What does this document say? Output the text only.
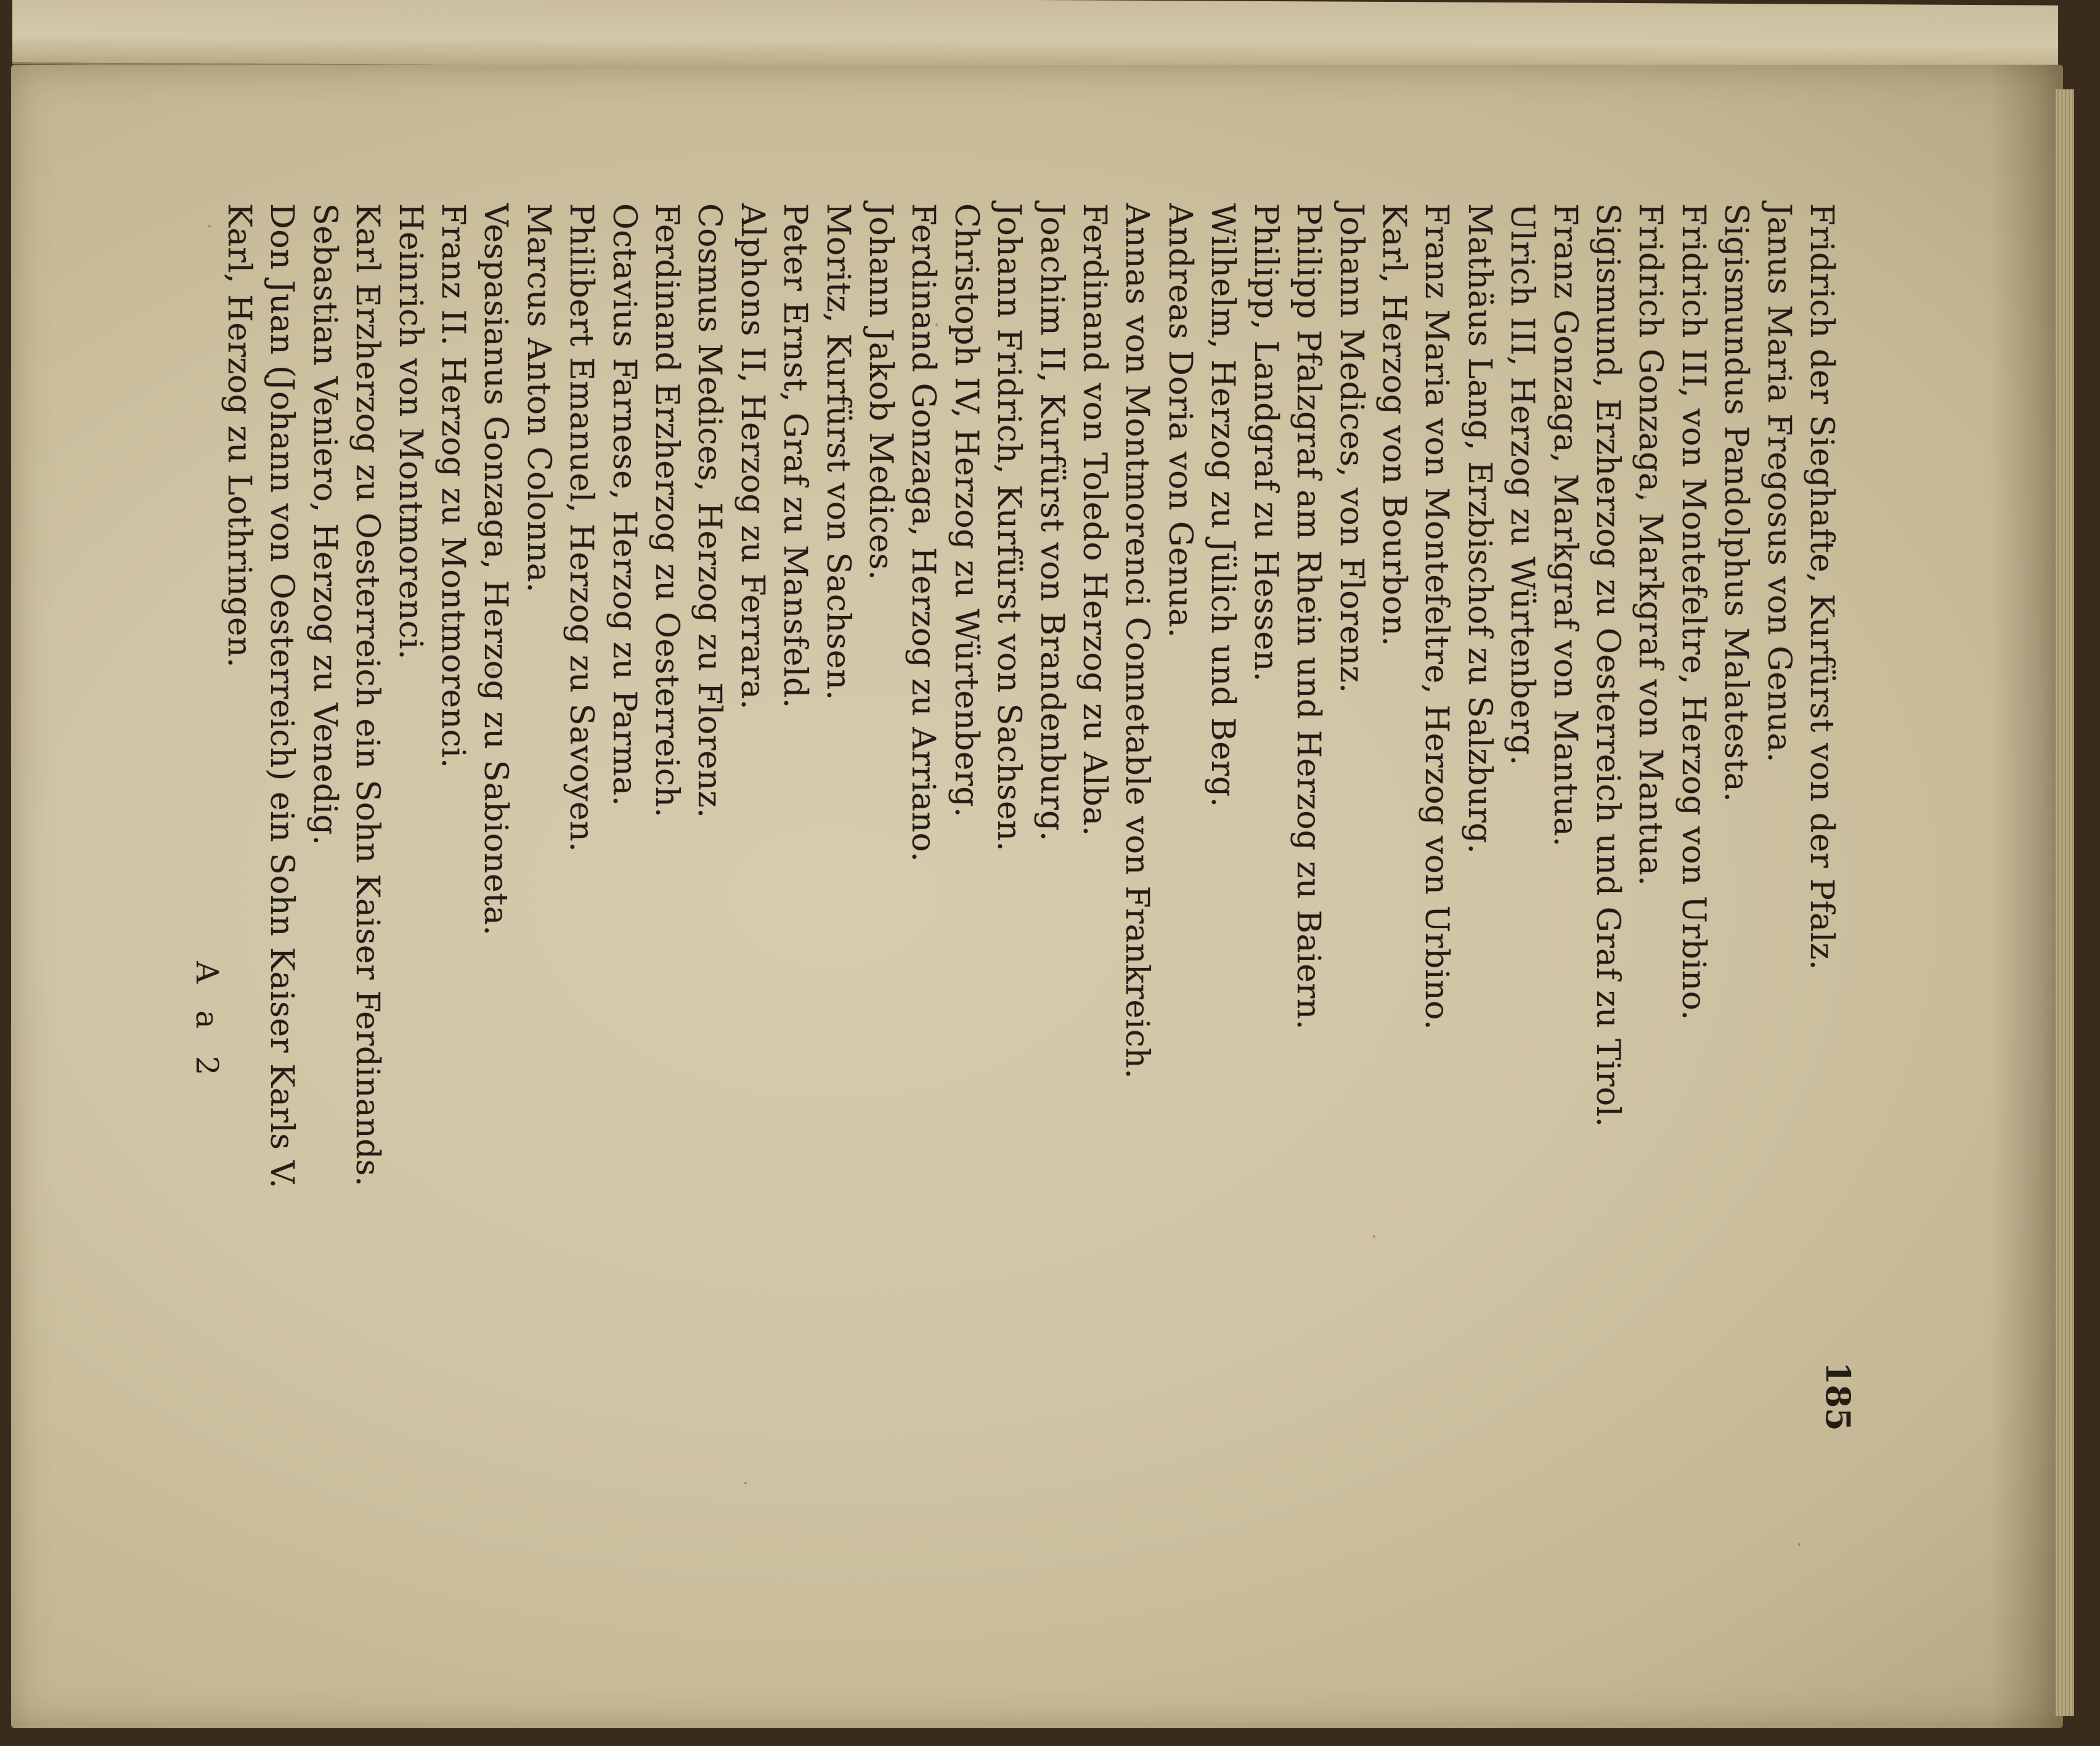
Fridrich der Sieghafte, Kurfürst von der Pfalz.
Janus Maria Fregosus von Genua.
Sigismundus Pandolphus Malatesta.
Fridrich III, von Montefeltre, Herzog von Urbino.
Fridrich Gonzaga, Markgraf von Mantua.
Sigismund, Erzherzog zu Oesterreich und Graf zu Tirol.
Franz Gonzaga, Markgraf von Mantua.
Ulrich III, Herzog zu Würtenberg.
Mathäus Lang, Erzbischof zu Salzburg.
Franz Maria von Montefeltre, Herzog von Urbino.
Karl, Herzog von Bourbon.
Johann Medices, von Florenz.
Philipp Pfalzgraf am Rhein und Herzog zu Baiern.
Philipp, Landgraf zu Hessen.
Wilhelm, Herzog zu Jülich und Berg.
Andreas Doria von Genua.
Annas von Montmorenci Connetable von Frankreich.
Ferdinand von Toledo Herzog zu Alba.
Joachim II, Kurfürst von Brandenburg.
Johann Fridrich, Kurfürst von Sachsen.
Christoph IV, Herzog zu Würtenberg.
Ferdinand Gonzaga, Herzog zu Arriano.
Johann Jakob Medices.
Moritz, Kurfürst von Sachsen.
Peter Ernst, Graf zu Mansfeld.
Alphons II, Herzog zu Ferrara.
Cosmus Medices, Herzog zu Florenz.
Ferdinand Erzherzog zu Oesterreich.
Octavius Farnese, Herzog zu Parma.
Philibert Emanuel, Herzog zu Savoyen.
Marcus Anton Colonna.
Vespasianus Gonzaga, Herzog zu Sabioneta.
Franz II. Herzog zu Montmorenci.
Heinrich von Montmorenci.
Karl Erzherzog zu Oesterreich ein Sohn Kaiser Ferdinands.
Sebastian Veniero, Herzog zu Venedig.
Don Juan (Johann von Oesterreich) ein Sohn Kaiser Karls V.
Karl, Herzog zu Lothringen.
185
A a 2
